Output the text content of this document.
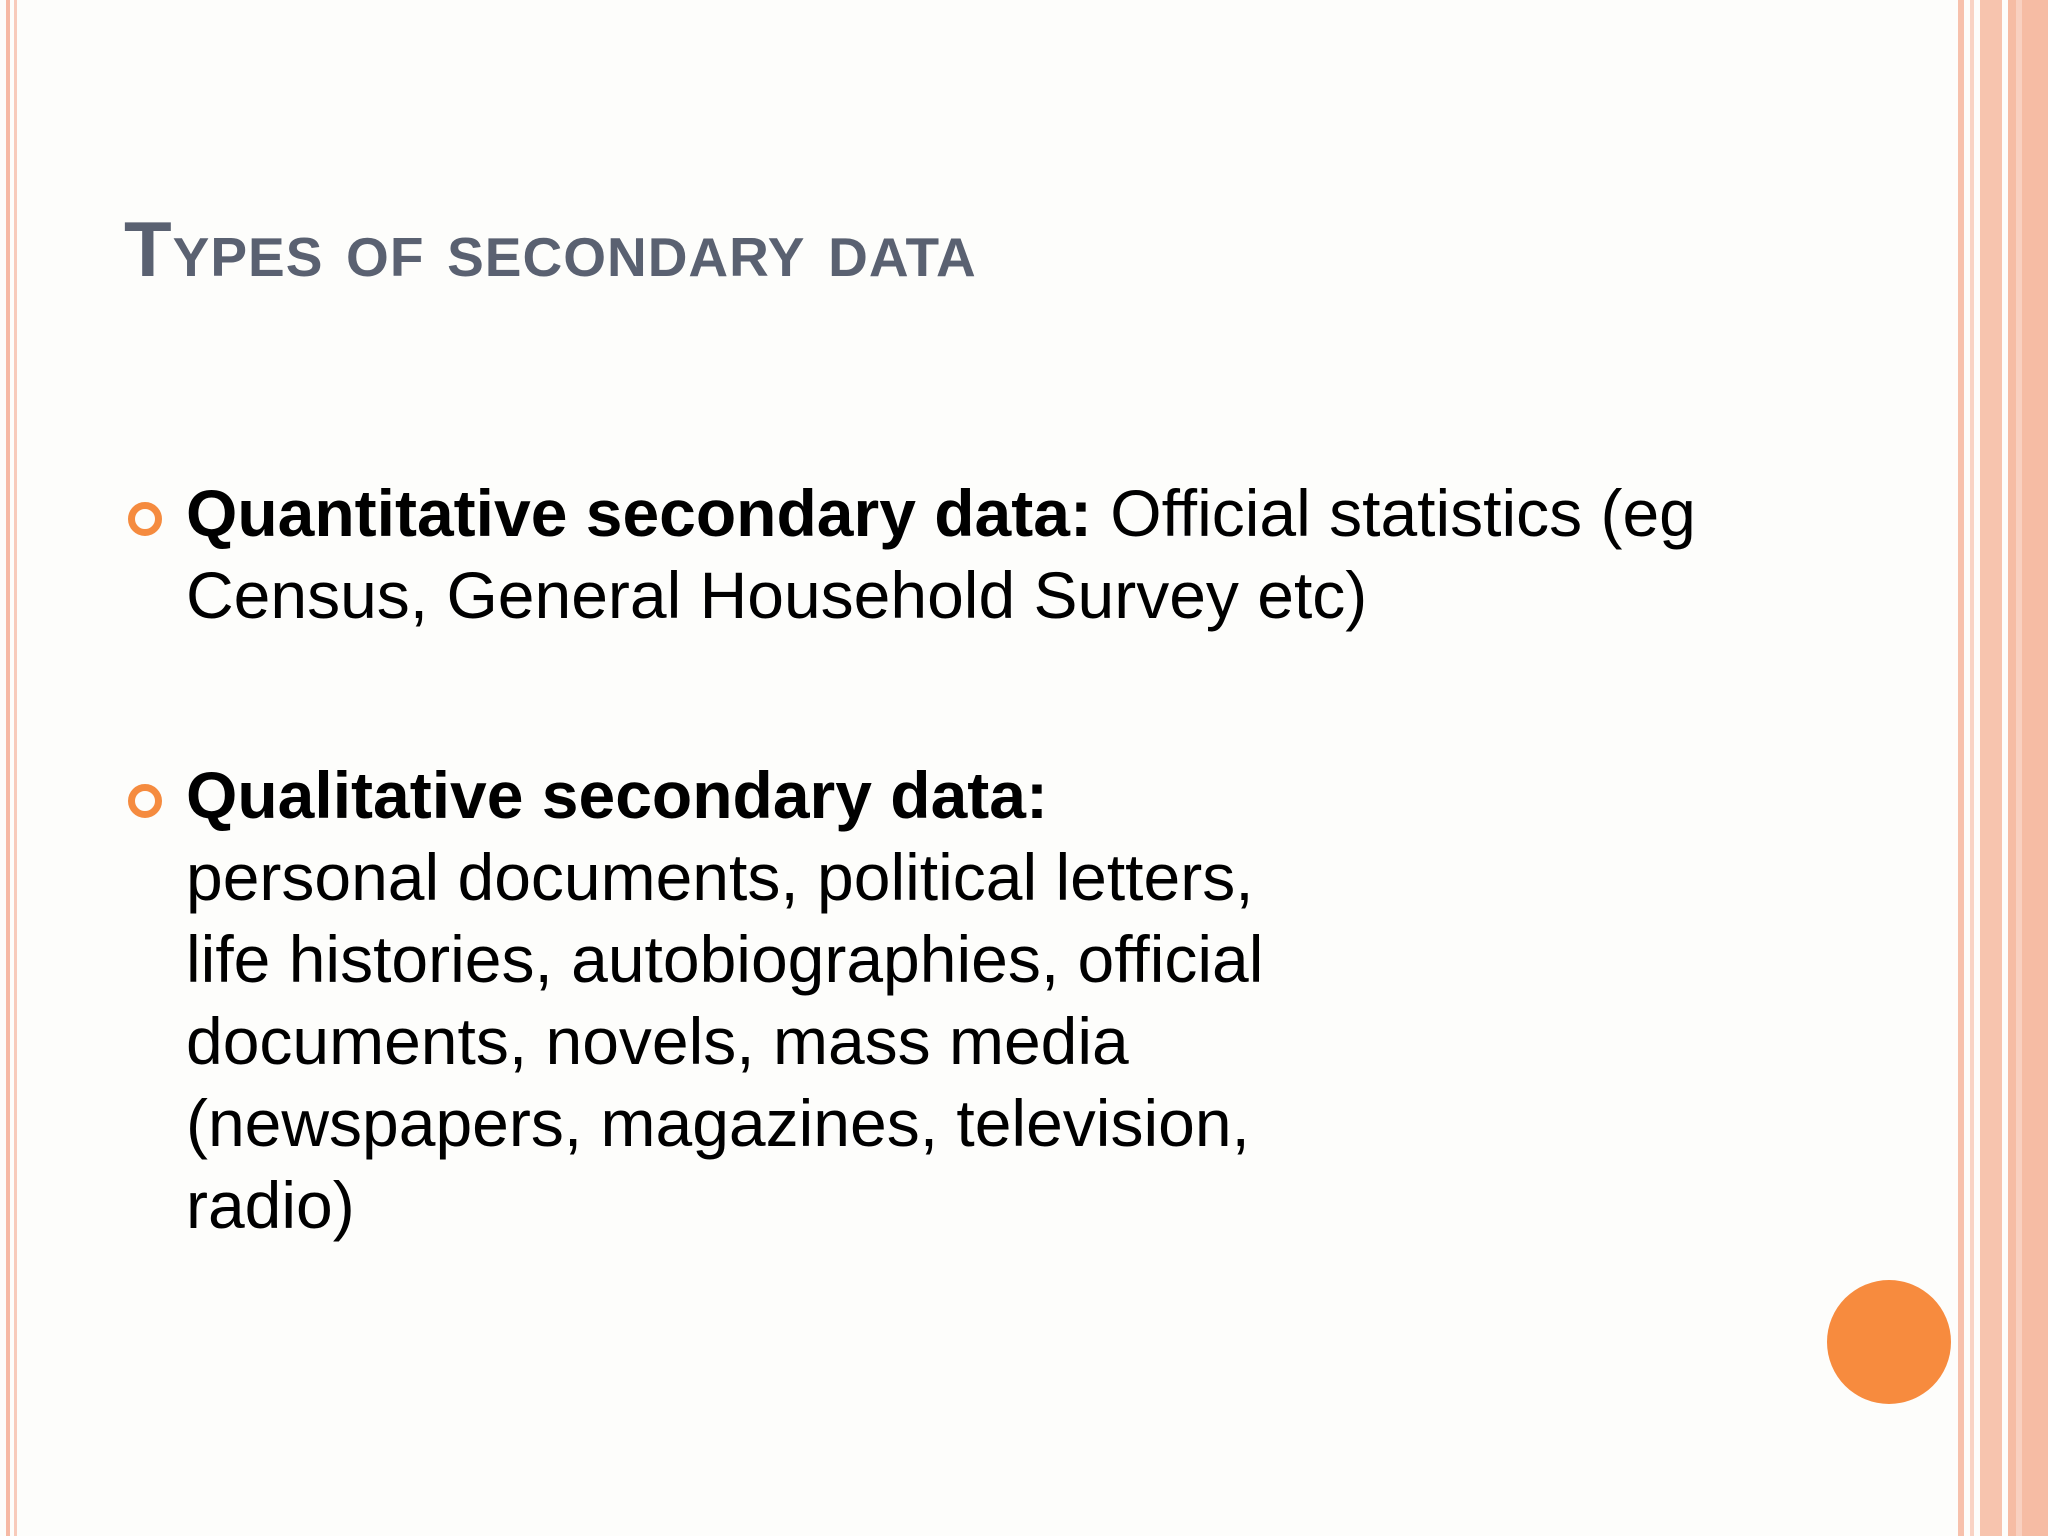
Types of secondary data
Quantitative secondary data: Official statistics (eg Census, General Household Survey etc)
Qualitative secondary data: personal documents, political letters, life histories, autobiographies, official documents, novels, mass media (newspapers, magazines, television, radio)
